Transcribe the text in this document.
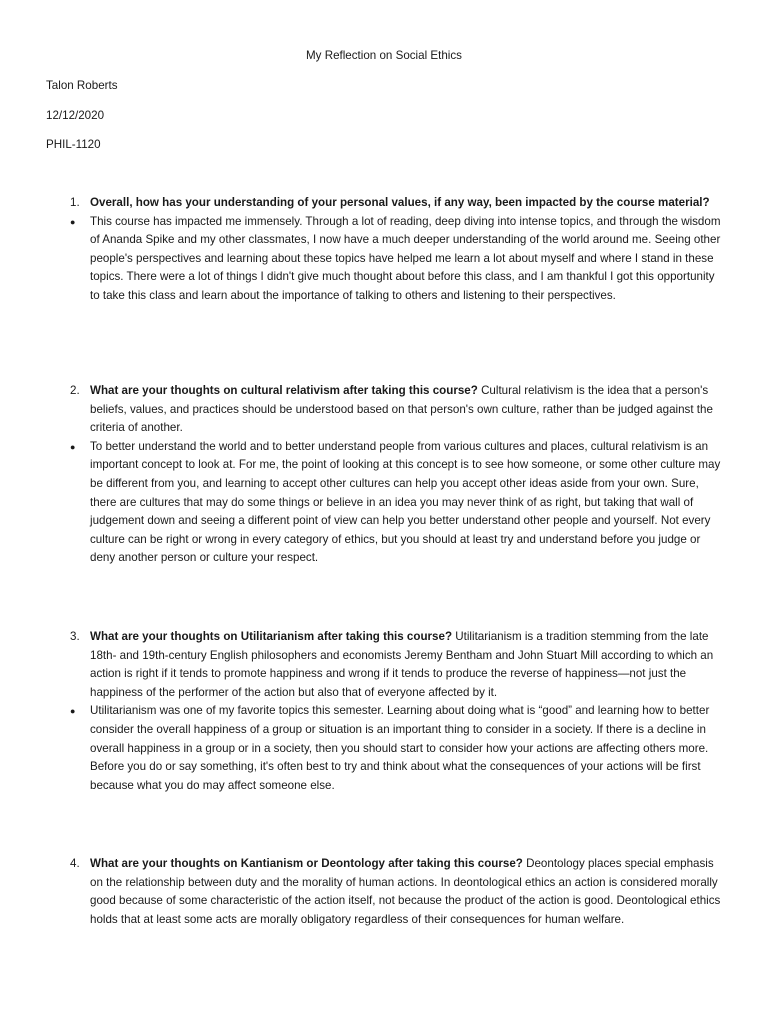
My Reflection on Social Ethics
Talon Roberts
12/12/2020
PHIL-1120
1. Overall, how has your understanding of your personal values, if any way, been impacted by the course material?
● This course has impacted me immensely. Through a lot of reading, deep diving into intense topics, and through the wisdom of Ananda Spike and my other classmates, I now have a much deeper understanding of the world around me. Seeing other people's perspectives and learning about these topics have helped me learn a lot about myself and where I stand in these topics. There were a lot of things I didn't give much thought about before this class, and I am thankful I got this opportunity to take this class and learn about the importance of talking to others and listening to their perspectives.
2. What are your thoughts on cultural relativism after taking this course? Cultural relativism is the idea that a person's beliefs, values, and practices should be understood based on that person's own culture, rather than be judged against the criteria of another.
● To better understand the world and to better understand people from various cultures and places, cultural relativism is an important concept to look at. For me, the point of looking at this concept is to see how someone, or some other culture may be different from you, and learning to accept other cultures can help you accept other ideas aside from your own. Sure, there are cultures that may do some things or believe in an idea you may never think of as right, but taking that wall of judgement down and seeing a different point of view can help you better understand other people and yourself. Not every culture can be right or wrong in every category of ethics, but you should at least try and understand before you judge or deny another person or culture your respect.
3. What are your thoughts on Utilitarianism after taking this course? Utilitarianism is a tradition stemming from the late 18th- and 19th-century English philosophers and economists Jeremy Bentham and John Stuart Mill according to which an action is right if it tends to promote happiness and wrong if it tends to produce the reverse of happiness—not just the happiness of the performer of the action but also that of everyone affected by it.
● Utilitarianism was one of my favorite topics this semester. Learning about doing what is “good” and learning how to better consider the overall happiness of a group or situation is an important thing to consider in a society. If there is a decline in overall happiness in a group or in a society, then you should start to consider how your actions are affecting others more. Before you do or say something, it's often best to try and think about what the consequences of your actions will be first because what you do may affect someone else.
4. What are your thoughts on Kantianism or Deontology after taking this course? Deontology places special emphasis on the relationship between duty and the morality of human actions. In deontological ethics an action is considered morally good because of some characteristic of the action itself, not because the product of the action is good. Deontological ethics holds that at least some acts are morally obligatory regardless of their consequences for human welfare.
